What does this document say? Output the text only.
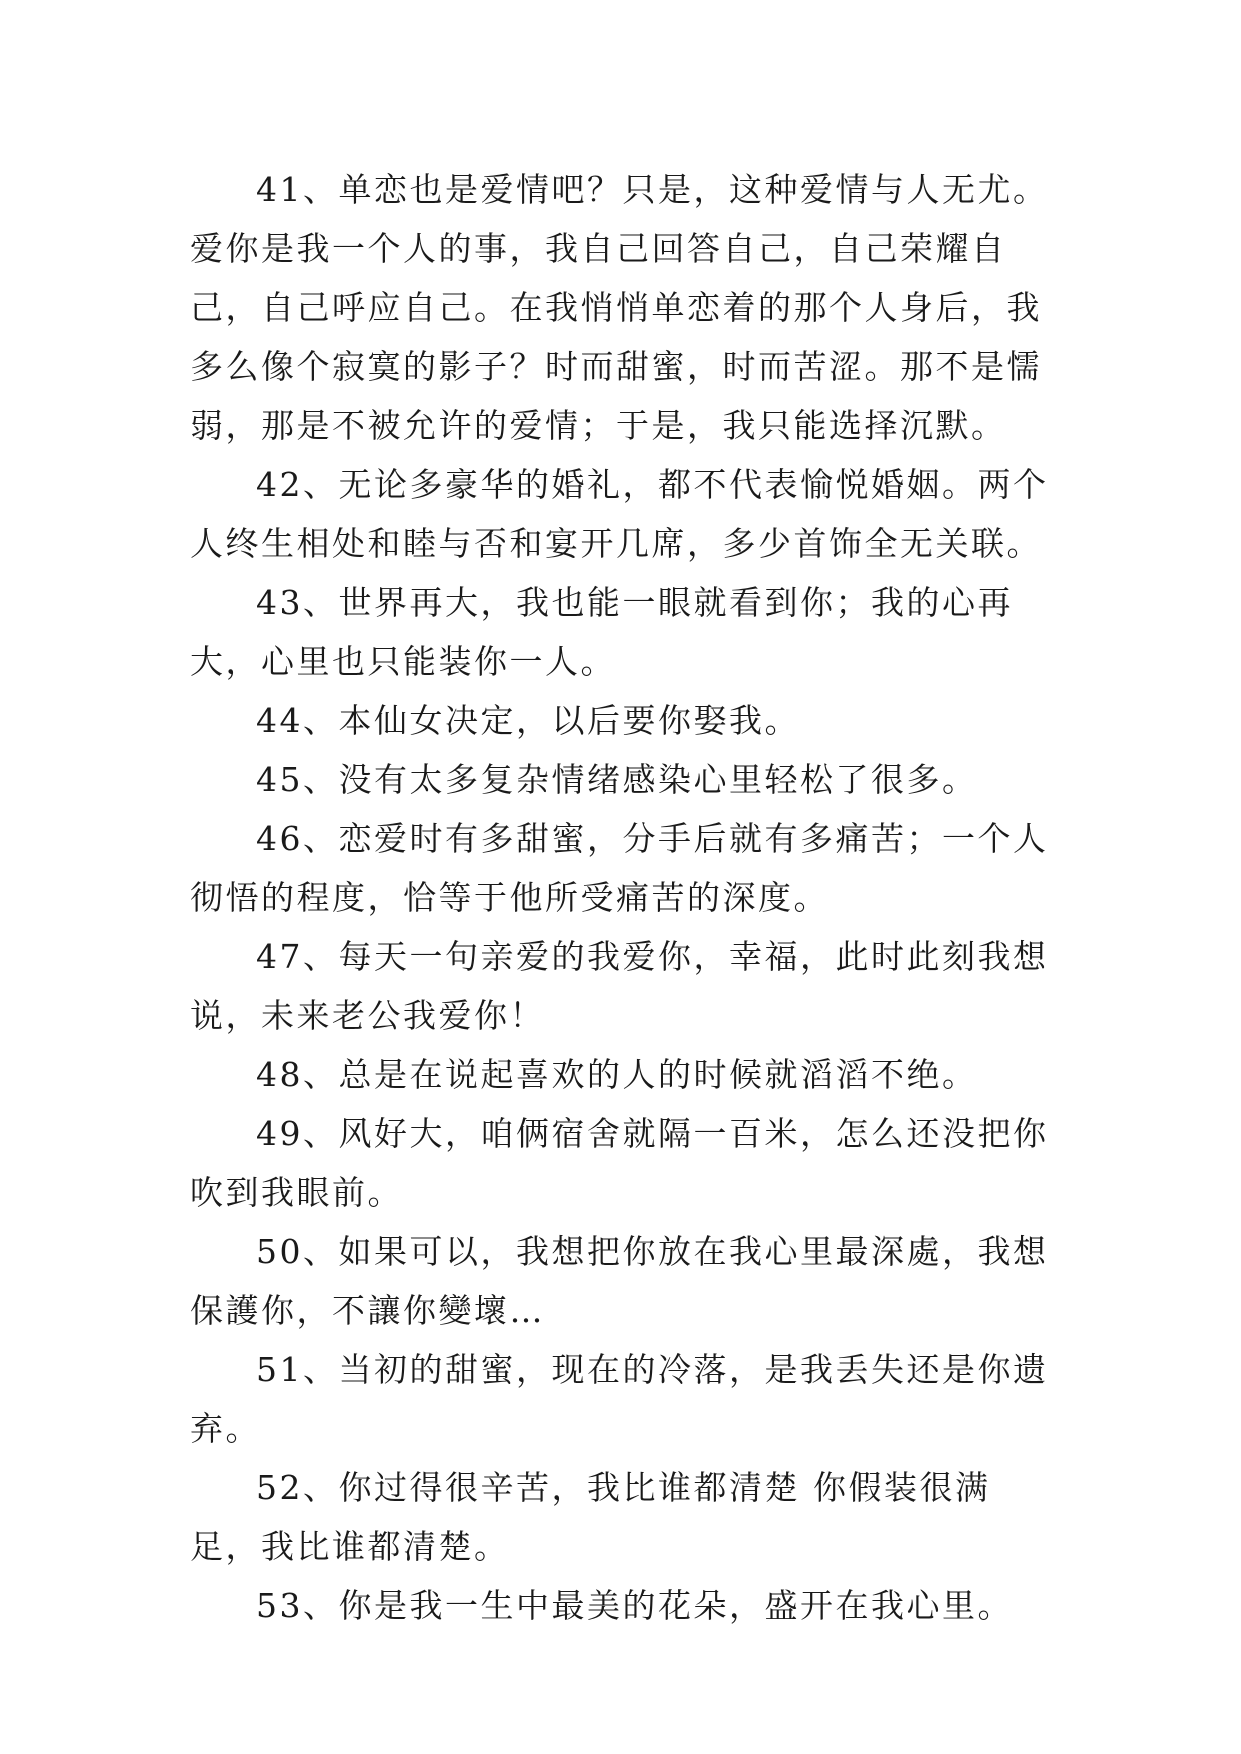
41、单恋也是爱情吧？只是，这种爱情与人无尤。爱你是我一个人的事，我自己回答自己，自己荣耀自己，自己呼应自己。在我悄悄单恋着的那个人身后，我多么像个寂寞的影子？时而甜蜜，时而苦涩。那不是懦弱，那是不被允许的爱情；于是，我只能选择沉默。

42、无论多豪华的婚礼，都不代表愉悦婚姻。两个人终生相处和睦与否和宴开几席，多少首饰全无关联。

43、世界再大，我也能一眼就看到你；我的心再大，心里也只能装你一人。

44、本仙女决定，以后要你娶我。

45、没有太多复杂情绪感染心里轻松了很多。

46、恋爱时有多甜蜜，分手后就有多痛苦；一个人彻悟的程度，恰等于他所受痛苦的深度。

47、每天一句亲爱的我爱你，幸福，此时此刻我想说，未来老公我爱你！

48、总是在说起喜欢的人的时候就滔滔不绝。

49、风好大，咱俩宿舍就隔一百米，怎么还没把你吹到我眼前。

50、如果可以，我想把你放在我心里最深處，我想保護你，不讓你變壞…

51、当初的甜蜜，现在的冷落，是我丢失还是你遗弃。

52、你过得很辛苦，我比谁都清楚 你假装很满足，我比谁都清楚。

53、你是我一生中最美的花朵，盛开在我心里。
